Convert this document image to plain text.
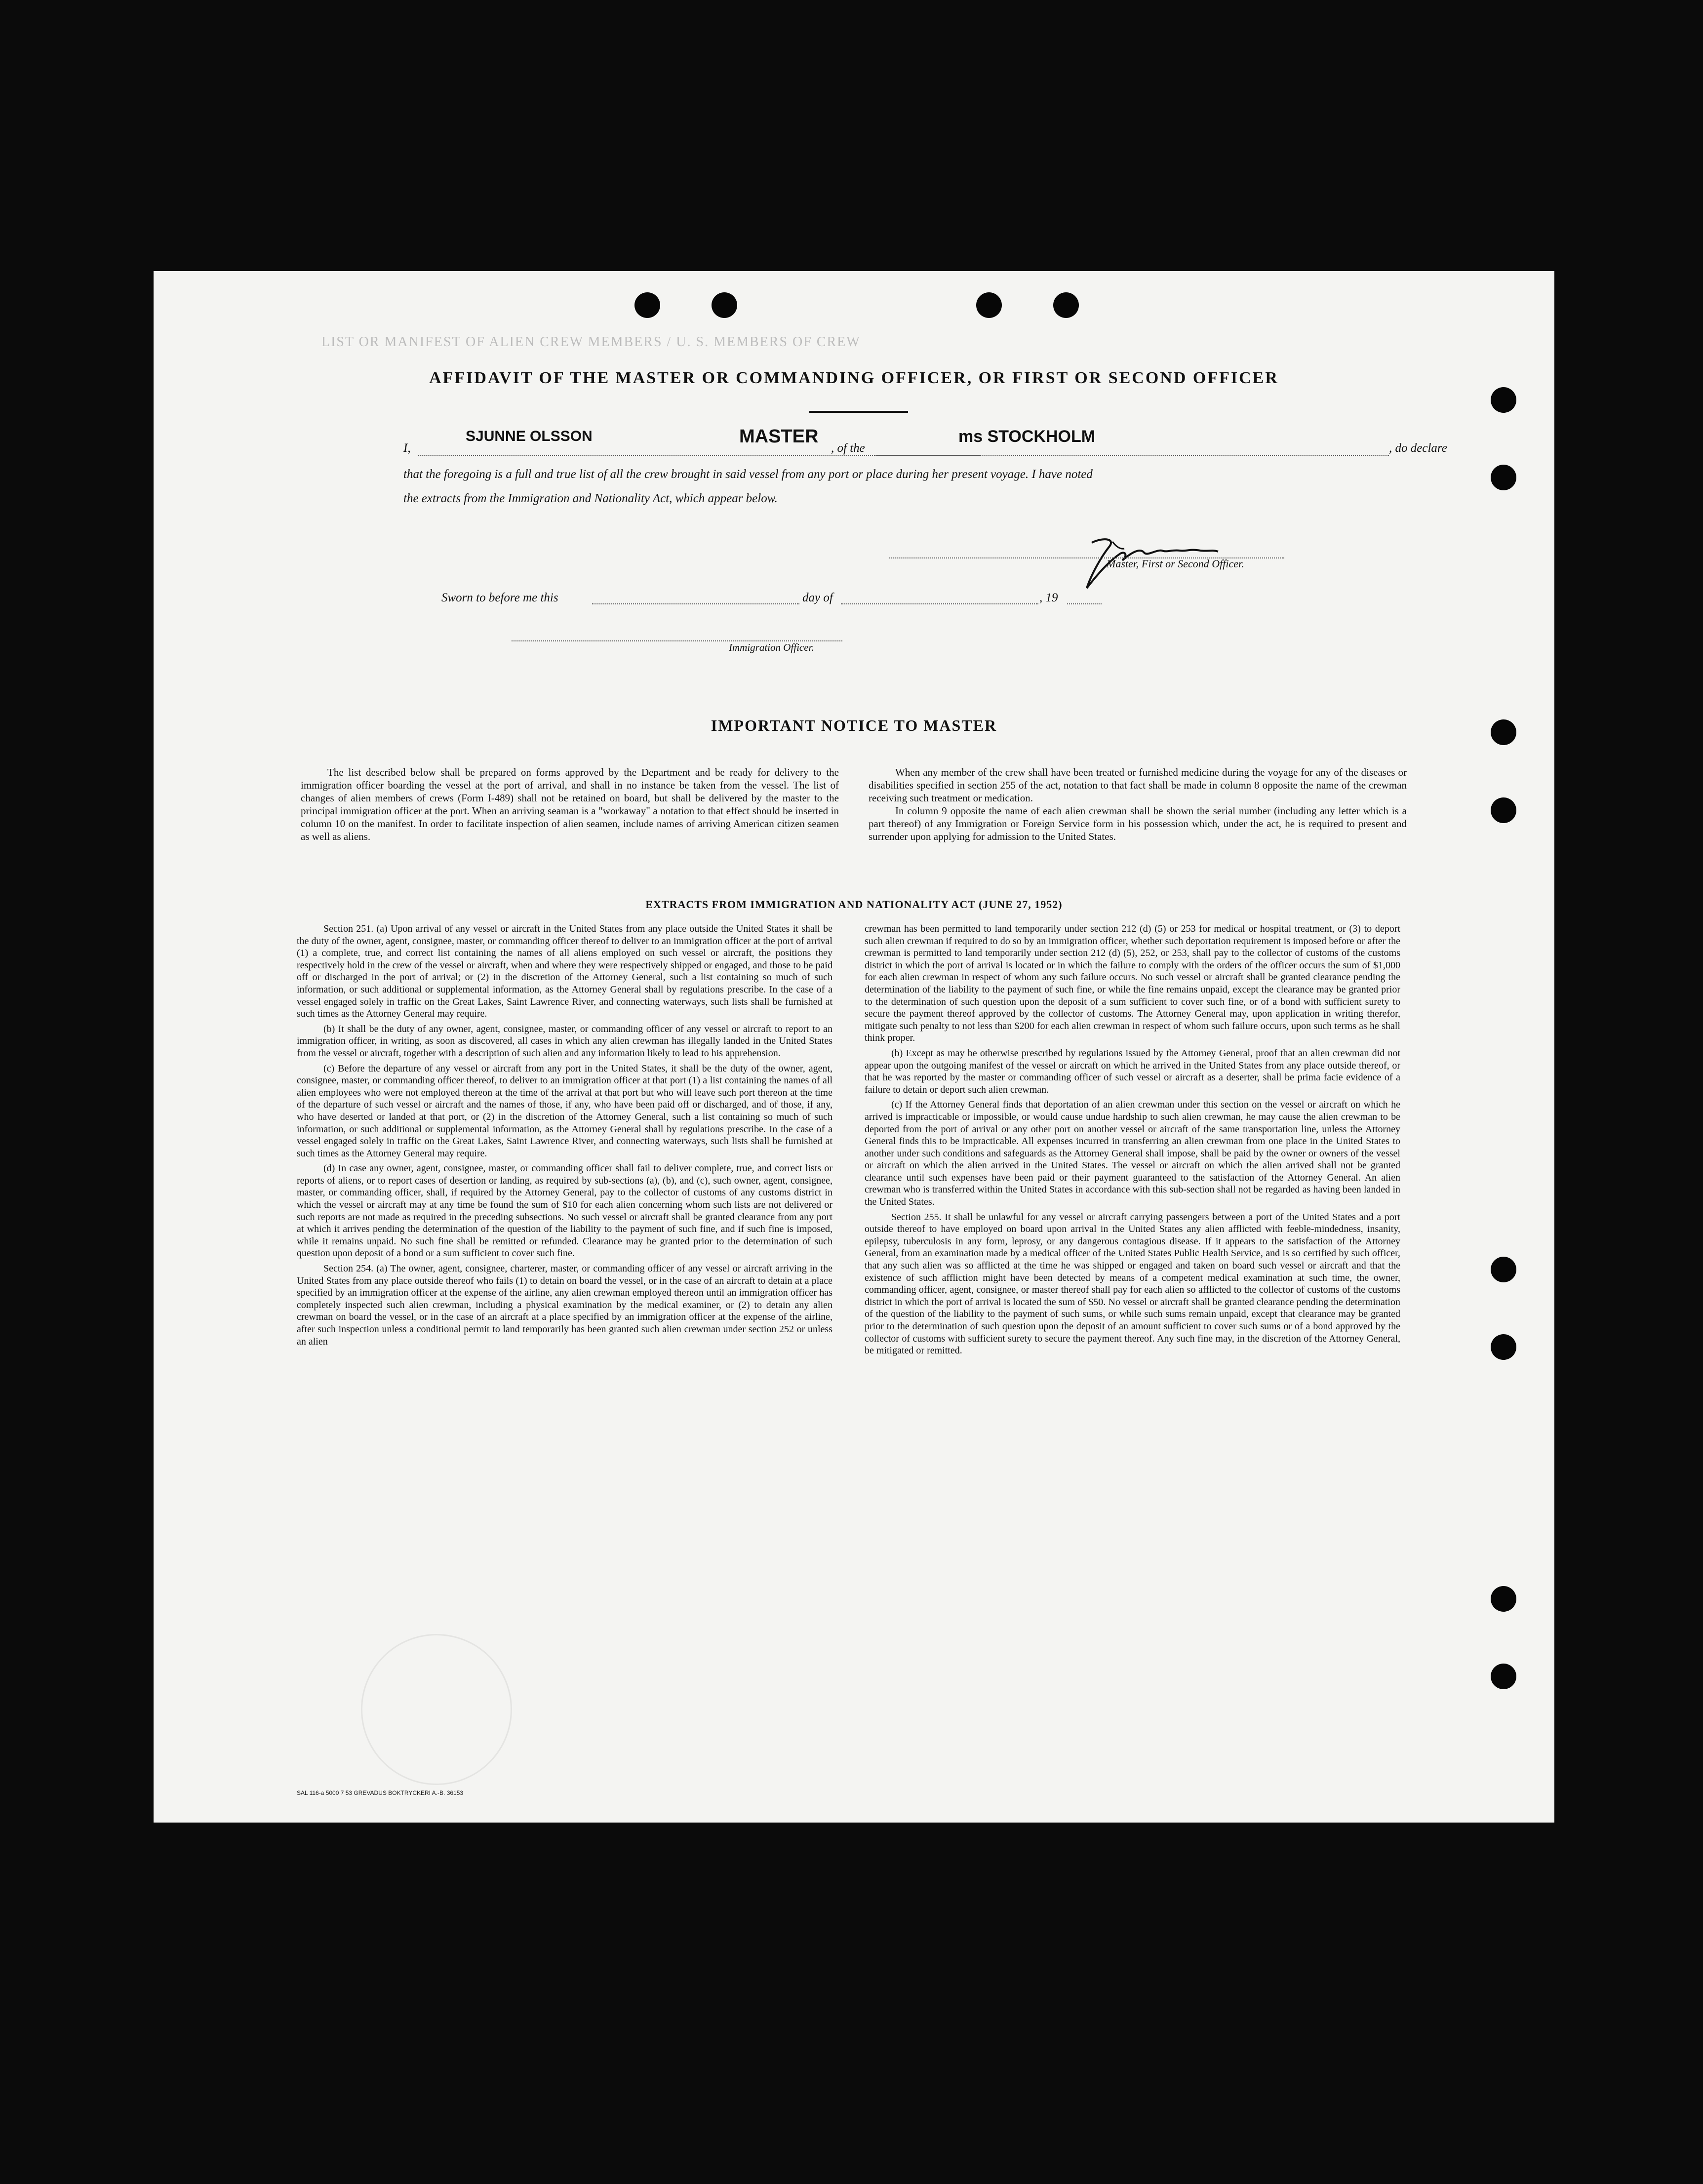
LIST OR MANIFEST OF ALIEN CREW MEMBERS / U. S. MEMBERS OF CREW
AFFIDAVIT OF THE MASTER OR COMMANDING OFFICER, OR FIRST OR SECOND OFFICER
I,
SJUNNE OLSSON	MASTER
, of the
ms STOCKHOLM
, do declare
that the foregoing is a full and true list of all the crew brought in said vessel from any port or place during her present voyage. I have noted
the extracts from the Immigration and Nationality Act, which appear below.
Master, First or Second Officer.
Sworn to before me this	day of	, 19
Immigration Officer.
IMPORTANT NOTICE TO MASTER

The list described below shall be prepared on forms approved by the Department and be ready for delivery to the immigration officer boarding the vessel at the port of arrival, and shall in no instance be taken from the vessel. The list of changes of alien members of crews (Form I-489) shall not be retained on board, but shall be delivered by the master to the principal immigration officer at the port. When an arriving seaman is a "workaway" a notation to that effect should be inserted in column 10 on the manifest. In order to facilitate inspection of alien seamen, include names of arriving American citizen seamen as well as aliens.

When any member of the crew shall have been treated or furnished medicine during the voyage for any of the diseases or disabilities specified in section 255 of the act, notation to that fact shall be made in column 8 opposite the name of the crewman receiving such treatment or medication.

In column 9 opposite the name of each alien crewman shall be shown the serial number (including any letter which is a part thereof) of any Immigration or Foreign Service form in his possession which, under the act, he is required to present and surrender upon applying for admission to the United States.

EXTRACTS FROM IMMIGRATION AND NATIONALITY ACT (JUNE 27, 1952)

Section 251. (a) Upon arrival of any vessel or aircraft in the United States from any place outside the United States it shall be the duty of the owner, agent, consignee, master, or commanding officer thereof to deliver to an immigration officer at the port of arrival (1) a complete, true, and correct list containing the names of all aliens employed on such vessel or aircraft, the positions they respectively hold in the crew of the vessel or aircraft, when and where they were respectively shipped or engaged, and those to be paid off or discharged in the port of arrival; or (2) in the discretion of the Attorney General, such a list containing so much of such information, or such additional or supplemental information, as the Attorney General shall by regulations prescribe. In the case of a vessel engaged solely in traffic on the Great Lakes, Saint Lawrence River, and connecting waterways, such lists shall be furnished at such times as the Attorney General may require.

(b) It shall be the duty of any owner, agent, consignee, master, or commanding officer of any vessel or aircraft to report to an immigration officer, in writing, as soon as discovered, all cases in which any alien crewman has illegally landed in the United States from the vessel or aircraft, together with a description of such alien and any information likely to lead to his apprehension.

(c) Before the departure of any vessel or aircraft from any port in the United States, it shall be the duty of the owner, agent, consignee, master, or commanding officer thereof, to deliver to an immigration officer at that port (1) a list containing the names of all alien employees who were not employed thereon at the time of the arrival at that port but who will leave such port thereon at the time of the departure of such vessel or aircraft and the names of those, if any, who have been paid off or discharged, and of those, if any, who have deserted or landed at that port, or (2) in the discretion of the Attorney General, such a list containing so much of such information, or such additional or supplemental information, as the Attorney General shall by regulations prescribe. In the case of a vessel engaged solely in traffic on the Great Lakes, Saint Lawrence River, and connecting waterways, such lists shall be furnished at such times as the Attorney General may require.

(d) In case any owner, agent, consignee, master, or commanding officer shall fail to deliver complete, true, and correct lists or reports of aliens, or to report cases of desertion or landing, as required by sub-sections (a), (b), and (c), such owner, agent, consignee, master, or commanding officer, shall, if required by the Attorney General, pay to the collector of customs of any customs district in which the vessel or aircraft may at any time be found the sum of $10 for each alien concerning whom such lists are not delivered or such reports are not made as required in the preceding subsections. No such vessel or aircraft shall be granted clearance from any port at which it arrives pending the determination of the question of the liability to the payment of such fine, and if such fine is imposed, while it remains unpaid. No such fine shall be remitted or refunded. Clearance may be granted prior to the determination of such question upon deposit of a bond or a sum sufficient to cover such fine.

Section 254. (a) The owner, agent, consignee, charterer, master, or commanding officer of any vessel or aircraft arriving in the United States from any place outside thereof who fails (1) to detain on board the vessel, or in the case of an aircraft to detain at a place specified by an immigration officer at the expense of the airline, any alien crewman employed thereon until an immigration officer has completely inspected such alien crewman, including a physical examination by the medical examiner, or (2) to detain any alien crewman on board the vessel, or in the case of an aircraft at a place specified by an immigration officer at the expense of the airline, after such inspection unless a conditional permit to land temporarily has been granted such alien crewman under section 252 or unless an alien

crewman has been permitted to land temporarily under section 212 (d) (5) or 253 for medical or hospital treatment, or (3) to deport such alien crewman if required to do so by an immigration officer, whether such deportation requirement is imposed before or after the crewman is permitted to land temporarily under section 212 (d) (5), 252, or 253, shall pay to the collector of customs of the customs district in which the port of arrival is located or in which the failure to comply with the orders of the officer occurs the sum of $1,000 for each alien crewman in respect of whom any such failure occurs. No such vessel or aircraft shall be granted clearance pending the determination of the liability to the payment of such fine, or while the fine remains unpaid, except the clearance may be granted prior to the determination of such question upon the deposit of a sum sufficient to cover such fine, or of a bond with sufficient surety to secure the payment thereof approved by the collector of customs. The Attorney General may, upon application in writing therefor, mitigate such penalty to not less than $200 for each alien crewman in respect of whom such failure occurs, upon such terms as he shall think proper.

(b) Except as may be otherwise prescribed by regulations issued by the Attorney General, proof that an alien crewman did not appear upon the outgoing manifest of the vessel or aircraft on which he arrived in the United States from any place outside thereof, or that he was reported by the master or commanding officer of such vessel or aircraft as a deserter, shall be prima facie evidence of a failure to detain or deport such alien crewman.

(c) If the Attorney General finds that deportation of an alien crewman under this section on the vessel or aircraft on which he arrived is impracticable or impossible, or would cause undue hardship to such alien crewman, he may cause the alien crewman to be deported from the port of arrival or any other port on another vessel or aircraft of the same transportation line, unless the Attorney General finds this to be impracticable. All expenses incurred in transferring an alien crewman from one place in the United States to another under such conditions and safeguards as the Attorney General shall impose, shall be paid by the owner or owners of the vessel or aircraft on which the alien arrived in the United States. The vessel or aircraft on which the alien arrived shall not be granted clearance until such expenses have been paid or their payment guaranteed to the satisfaction of the Attorney General. An alien crewman who is transferred within the United States in accordance with this sub-section shall not be regarded as having been landed in the United States.

Section 255. It shall be unlawful for any vessel or aircraft carrying passengers between a port of the United States and a port outside thereof to have employed on board upon arrival in the United States any alien afflicted with feeble-mindedness, insanity, epilepsy, tuberculosis in any form, leprosy, or any dangerous contagious disease. If it appears to the satisfaction of the Attorney General, from an examination made by a medical officer of the United States Public Health Service, and is so certified by such officer, that any such alien was so afflicted at the time he was shipped or engaged and taken on board such vessel or aircraft and that the existence of such affliction might have been detected by means of a competent medical examination at such time, the owner, commanding officer, agent, consignee, or master thereof shall pay for each alien so afflicted to the collector of customs of the customs district in which the port of arrival is located the sum of $50. No vessel or aircraft shall be granted clearance pending the determination of the question of the liability to the payment of such sums, or while such sums remain unpaid, except that clearance may be granted prior to the determination of such question upon the deposit of an amount sufficient to cover such sums or of a bond approved by the collector of customs with sufficient surety to secure the payment thereof. Any such fine may, in the discretion of the Attorney General, be mitigated or remitted.

SAL 116-a 5000 7 53 GREVADUS BOKTRYCKERI A.-B. 36153
